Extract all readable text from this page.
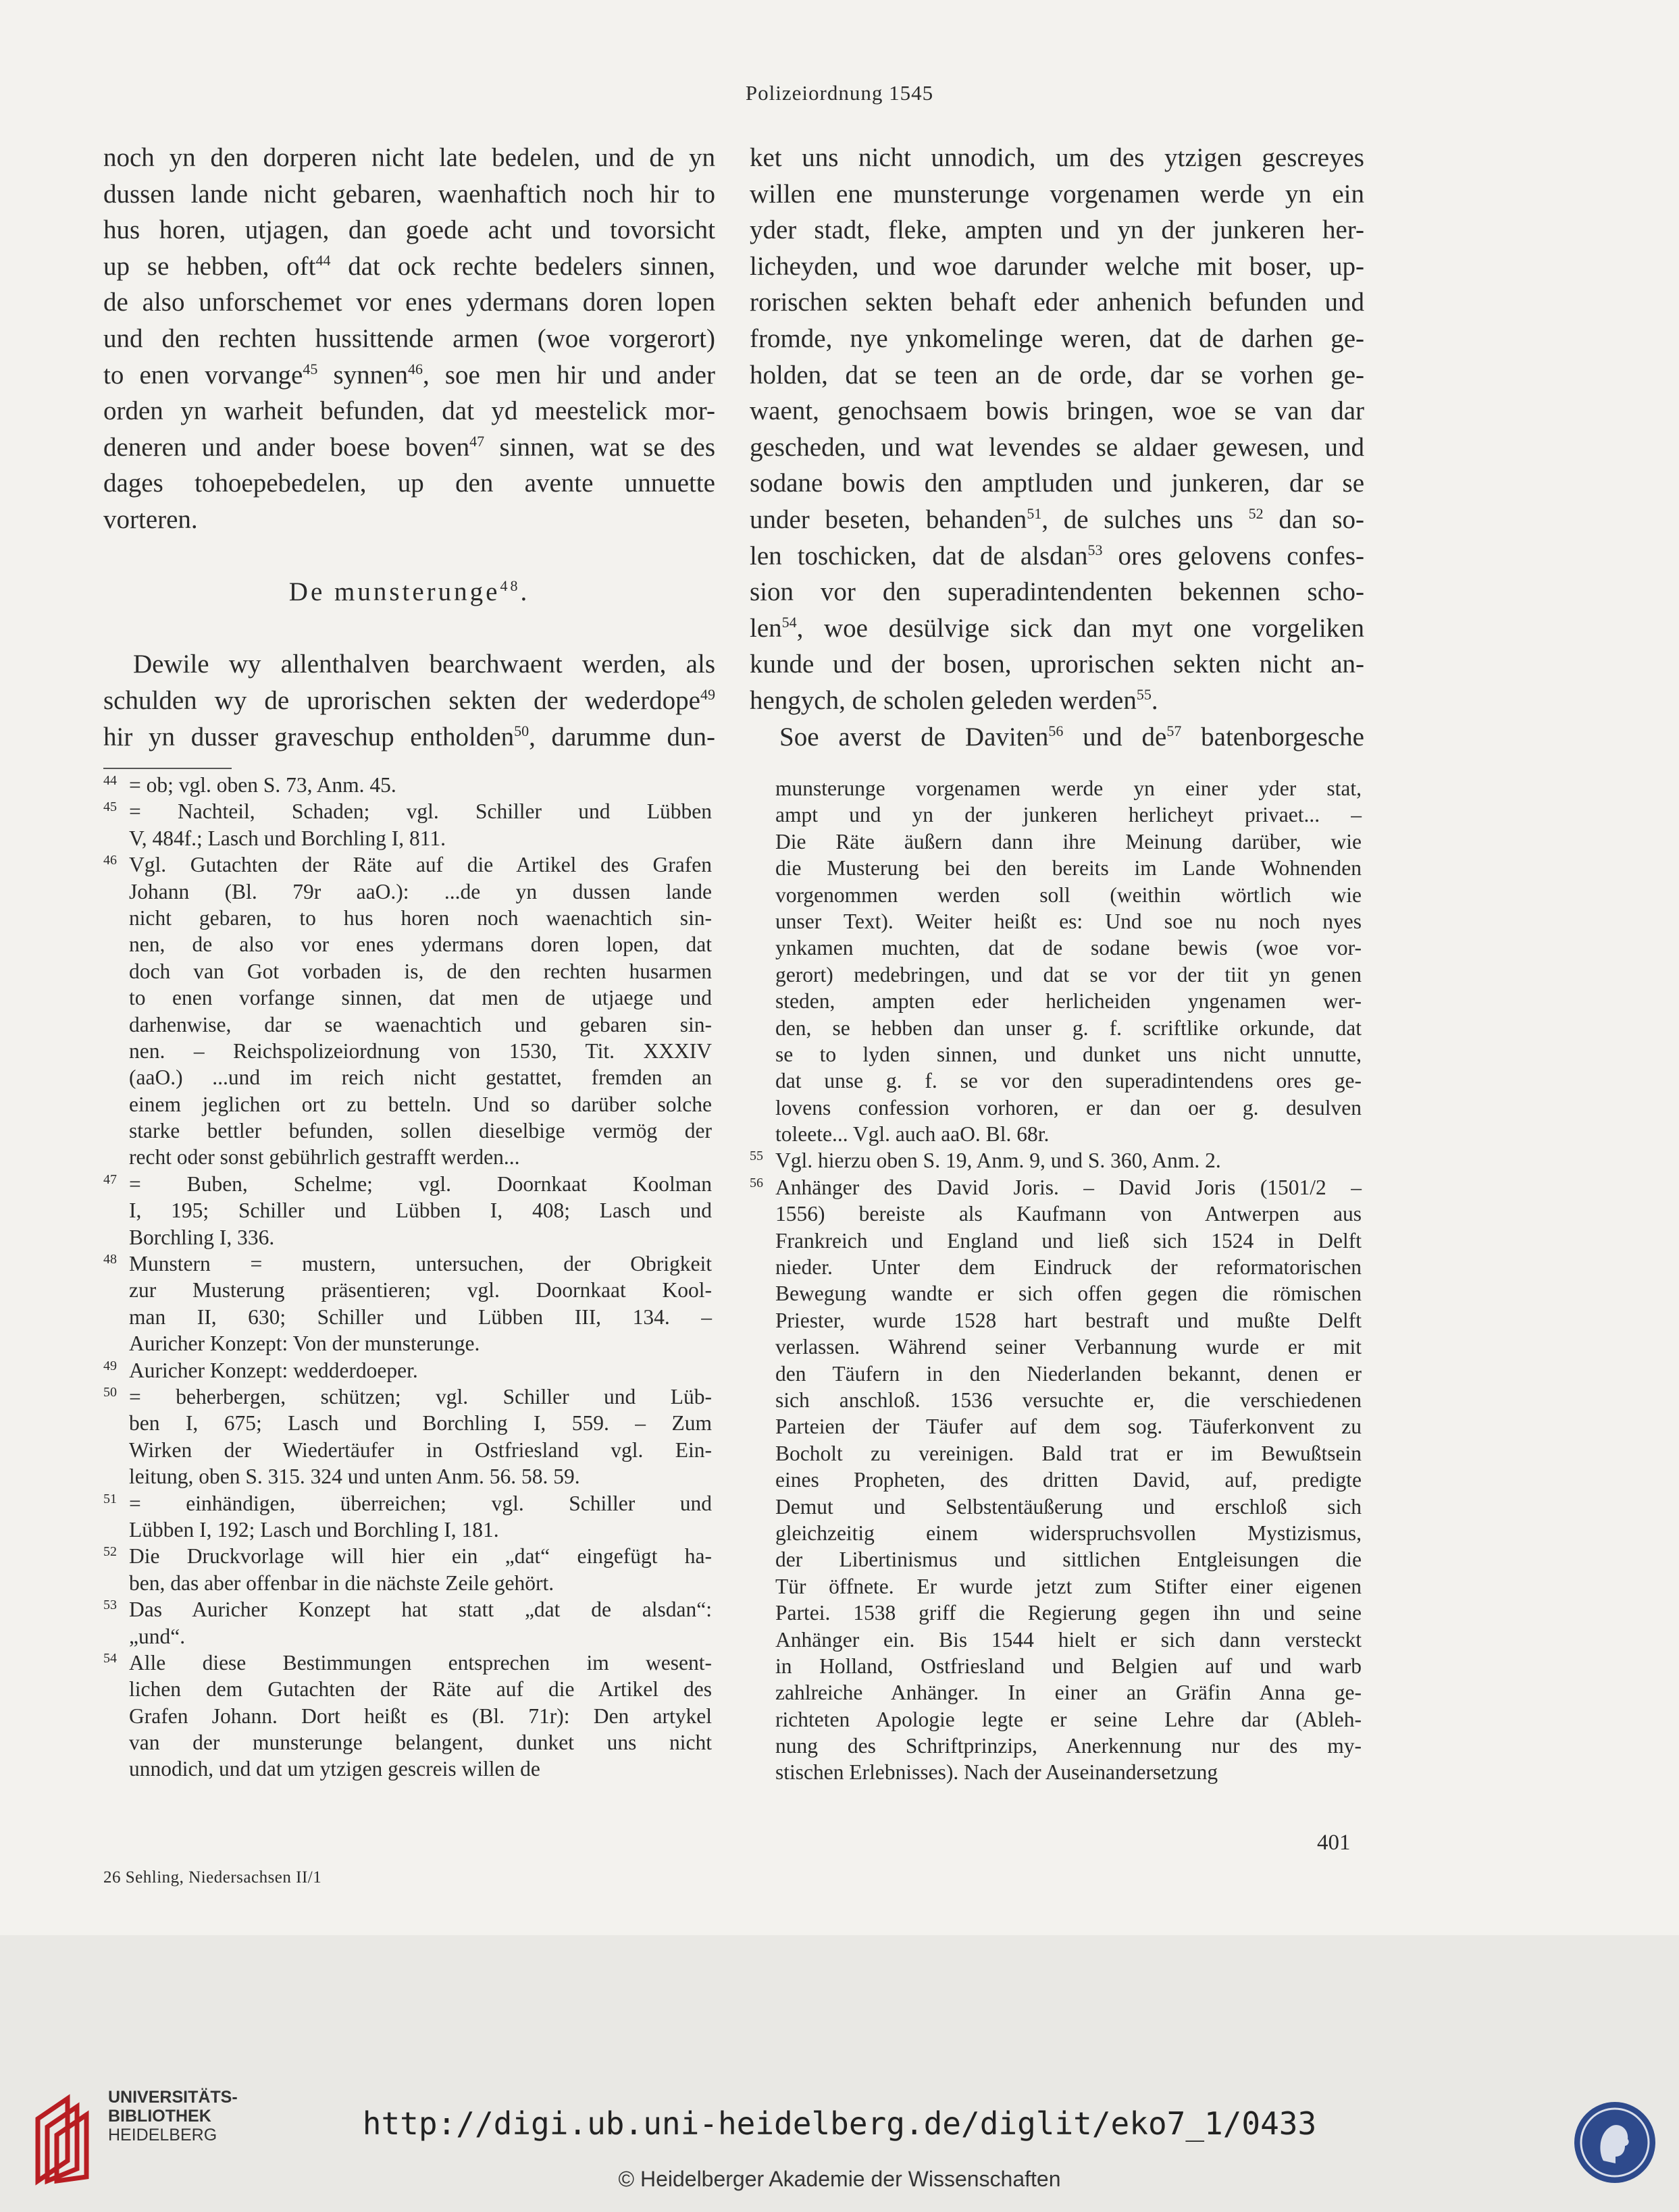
Polizeiordnung 1545
noch yn den dorperen nicht late bedelen, und de yn
dussen lande nicht gebaren, waenhaftich noch hir to
hus horen, utjagen, dan goede acht und tovorsicht
up se hebben, oft$^{44}$ dat ock rechte bedelers sinnen,
de also unforschemet vor enes ydermans doren lopen
und den rechten hussittende armen (woe vorgerort)
to enen vorvange$^{45}$ synnen$^{46}$, soe men hir und ander
orden yn warheit befunden, dat yd meestelick mor-
deneren und ander boese boven$^{47}$ sinnen, wat se des
dages tohoepebedelen, up den avente unnuette
vorteren.
De munsterunge$^{48}$.
Dewile wy allenthalven bearchwaent werden, als
schulden wy de uprorischen sekten der wederdope$^{49}$
hir yn dusser graveschup entholden$^{50}$, darumme dun-
ket uns nicht unnodich, um des ytzigen gescreyes
willen ene munsterunge vorgenamen werde yn ein
yder stadt, fleke, ampten und yn der junkeren her-
licheyden, und woe darunder welche mit boser, up-
rorischen sekten behaft eder anhenich befunden und
fromde, nye ynkomelinge weren, dat de darhen ge-
holden, dat se teen an de orde, dar se vorhen ge-
waent, genochsaem bowis bringen, woe se van dar
gescheden, und wat levendes se aldaer gewesen, und
sodane bowis den amptluden und junkeren, dar se
under beseten, behanden$^{51}$, de sulches uns $^{52}$ dan so-
len toschicken, dat de alsdan$^{53}$ ores gelovens confes-
sion vor den superadintendenten bekennen scho-
len$^{54}$, woe desülvige sick dan myt one vorgeliken
kunde und der bosen, uprorischen sekten nicht an-
hengych, de scholen geleden werden$^{55}$.
Soe averst de Daviten$^{56}$ und $de^{57}$ batenborgesche
44 = ob; vgl. oben S. 73, Anm. 45.
45 = Nachteil, Schaden; vgl. Schiller und Lübben
V, 484f.; Lasch und Borchling I, 811.
46 Vgl. Gutachten der Räte auf die Artikel des Grafen
Johann (Bl. 79r aaO.): ...de yn dussen lande
nicht gebaren, to hus horen noch waenachtich sin-
nen, de also vor enes ydermans doren lopen, dat
doch van Got vorbaden is, de den rechten husarmen
to enen vorfange sinnen, dat men de utjaege und
darhenwise, dar se waenachtich und gebaren sin-
nen. – Reichspolizeiordnung von 1530, Tit. XXXIV
(aaO.) ...und im reich nicht gestattet, fremden an
einem jeglichen ort zu betteln. Und so darüber solche
starke bettler befunden, sollen dieselbige vermög der
recht oder sonst gebührlich gestrafft werden...
47 = Buben, Schelme; vgl. Doornkaat Koolman
I, 195; Schiller und Lübben I, 408; Lasch und
Borchling I, 336.
48 Munstern = mustern, untersuchen, der Obrigkeit
zur Musterung präsentieren; vgl. Doornkaat Kool-
man II, 630; Schiller und Lübben III, 134. –
Auricher Konzept: Von der munsterunge.
49 Auricher Konzept: wedderdoeper.
50 = beherbergen, schützen; vgl. Schiller und Lüb-
ben I, 675; Lasch und Borchling I, 559. – Zum
Wirken der Wiedertäufer in Ostfriesland vgl. Ein-
leitung, oben S. 315. 324 und unten Anm. 56. 58. 59.
51 = einhändigen, überreichen; vgl. Schiller und
Lübben I, 192; Lasch und Borchling I, 181.
52 Die Druckvorlage will hier ein „dat“ eingefügt ha-
ben, das aber offenbar in die nächste Zeile gehört.
53 Das Auricher Konzept hat statt „dat de alsdan“:
„und“.
54 Alle diese Bestimmungen entsprechen im wesent-
lichen dem Gutachten der Räte auf die Artikel des
Grafen Johann. Dort heißt es (Bl. 71r): Den artykel
van der munsterunge belangent, dunket uns nicht
unnodich, und dat um ytzigen gescreis willen de
munsterunge vorgenamen werde yn einer yder stat,
ampt und yn der junkeren herlicheyt privaet... –
Die Räte äußern dann ihre Meinung darüber, wie
die Musterung bei den bereits im Lande Wohnenden
vorgenommen werden soll (weithin wörtlich wie
unser Text). Weiter heißt es: Und soe nu noch nyes
ynkamen muchten, dat de sodane bewis (woe vor-
gerort) medebringen, und dat se vor der tiit yn genen
steden, ampten eder herlicheiden yngenamen wer-
den, se hebben dan unser g. f. scriftlike orkunde, dat
se to lyden sinnen, und dunket uns nicht unnutte,
dat unse g. f. se vor den superadintendens ores ge-
lovens confession vorhoren, er dan oer g. desulven
toleete... Vgl. auch aaO. Bl. 68r.
55 Vgl. hierzu oben S. 19, Anm. 9, und S. 360, Anm. 2.
56 Anhänger des David Joris. – David Joris (1501/2 –
1556) bereiste als Kaufmann von Antwerpen aus
Frankreich und England und ließ sich 1524 in Delft
nieder. Unter dem Eindruck der reformatorischen
Bewegung wandte er sich offen gegen die römischen
Priester, wurde 1528 hart bestraft und mußte Delft
verlassen. Während seiner Verbannung wurde er mit
den Täufern in den Niederlanden bekannt, denen er
sich anschloß. 1536 versuchte er, die verschiedenen
Parteien der Täufer auf dem sog. Täuferkonvent zu
Bocholt zu vereinigen. Bald trat er im Bewußtsein
eines Propheten, des dritten David, auf, predigte
Demut und Selbstentäußerung und erschloß sich
gleichzeitig einem widerspruchsvollen Mystizismus,
der Libertinismus und sittlichen Entgleisungen die
Tür öffnete. Er wurde jetzt zum Stifter einer eigenen
Partei. 1538 griff die Regierung gegen ihn und seine
Anhänger ein. Bis 1544 hielt er sich dann versteckt
in Holland, Ostfriesland und Belgien auf und warb
zahlreiche Anhänger. In einer an Gräfin Anna ge-
richteten Apologie legte er seine Lehre dar (Ableh-
nung des Schriftprinzips, Anerkennung nur des my-
stischen Erlebnisses). Nach der Auseinandersetzung
401
26 Sehling, Niedersachsen II/1
UNIVERSITÄTS-
BIBLIOTHEK
HEIDELBERG	http://digi.ub.uni-heidelberg.de/diglit/eko7_1/0433
© Heidelberger Akademie der Wissenschaften
